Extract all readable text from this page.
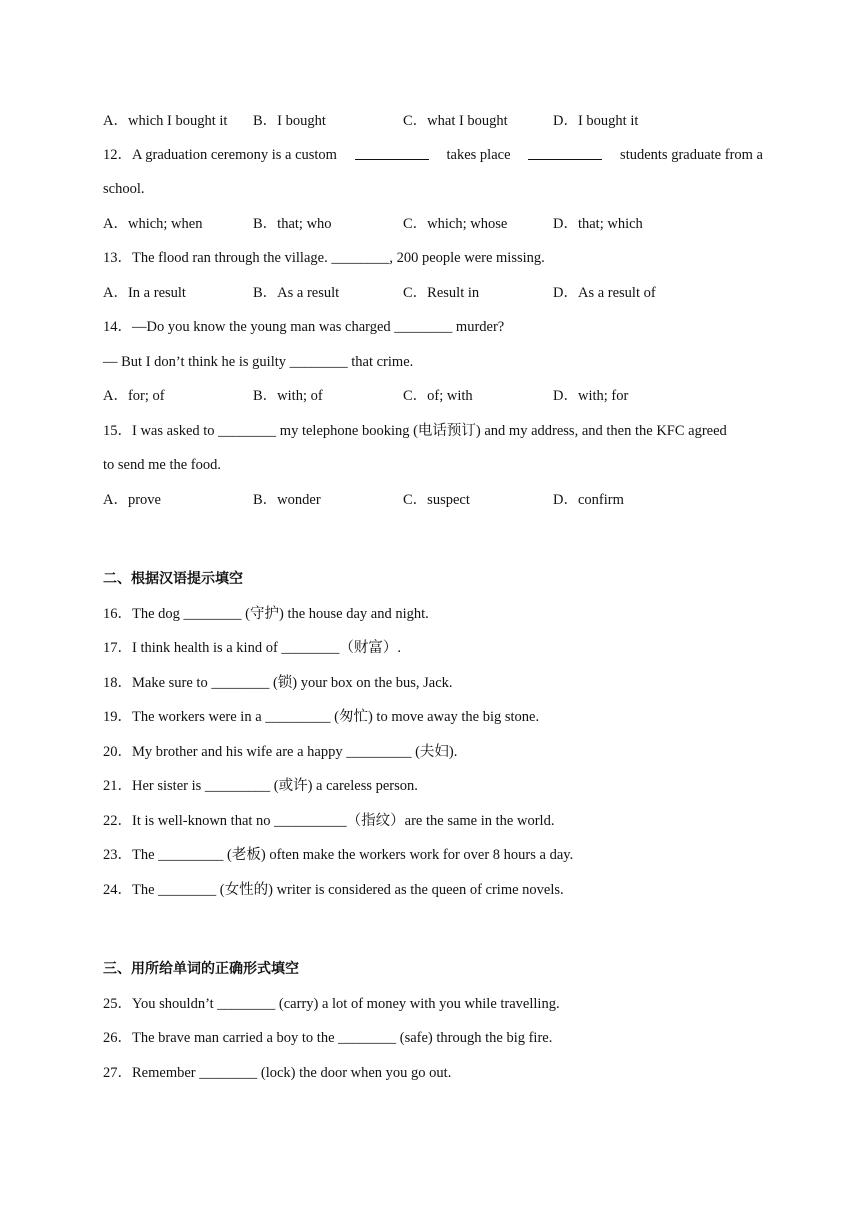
A．which I bought it B．I bought	C．what I bought	D．I bought it
12．A graduation ceremony is a custom	takes place	students graduate from a
school.
A．which; when	B．that; who	C．which; whose	D．that; which
13．The flood ran through the village. ________, 200 people were missing.
A．In a result	B．As a result	C．Result in	D．As a result of
14．—Do you know the young man was charged ________ murder?
— But I don’t think he is guilty ________ that crime.
A．for; of	B．with; of	C．of; with	D．with; for
15．I was asked to ________ my telephone booking (电话预订) and my address, and then the KFC agreed
to send me the food.
A．prove	B．wonder	C．suspect	D．confirm
二、根据汉语提示填空
16．The dog ________ (守护) the house day and night.
17．I think health is a kind of ________（财富）.
18．Make sure to ________ (锁) your box on the bus, Jack.
19．The workers were in a _________ (匆忙) to move away the big stone.
20．My brother and his wife are a happy _________ (夫妇).
21．Her sister is _________ (或许) a careless person.
22．It is well-known that no __________（指纹）are the same in the world.
23．The _________ (老板) often make the workers work for over 8 hours a day.
24．The ________ (女性的) writer is considered as the queen of crime novels.
三、用所给单词的正确形式填空
25．You shouldn’t ________ (carry) a lot of money with you while travelling.
26．The brave man carried a boy to the ________ (safe) through the big fire.
27．Remember ________ (lock) the door when you go out.
